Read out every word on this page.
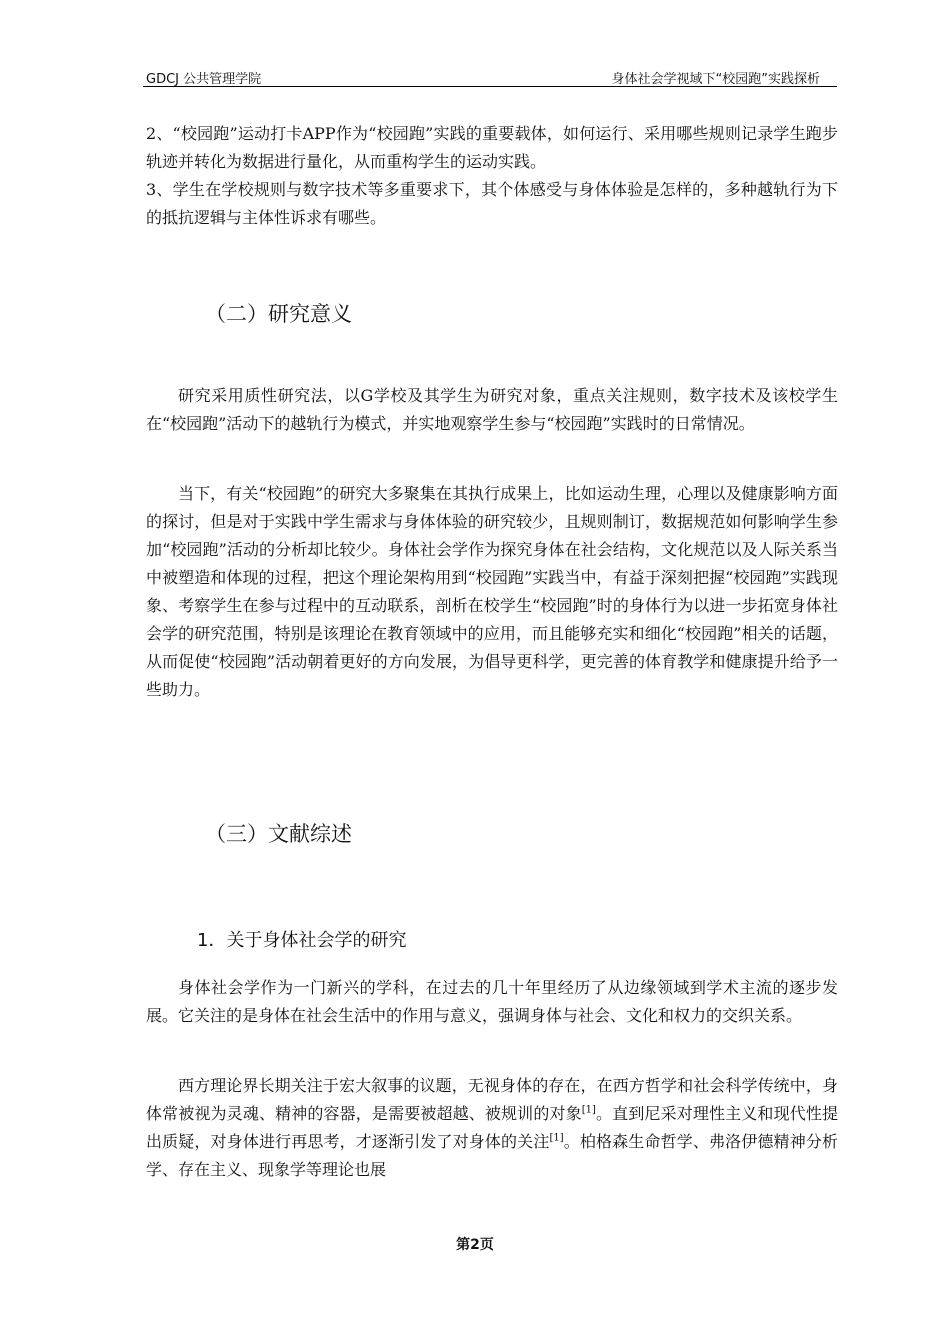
GDCJ 公共管理学院	身体社会学视域下“校园跑”实践探析

2、“校园跑”运动打卡APP作为“校园跑”实践的重要载体，如何运行、采用哪些规则记录学生跑步轨迹并转化为数据进行量化，从而重构学生的运动实践。

3、学生在学校规则与数字技术等多重要求下，其个体感受与身体体验是怎样的，多种越轨行为下的抵抗逻辑与主体性诉求有哪些。

（二）研究意义

研究采用质性研究法，以G学校及其学生为研究对象，重点关注规则，数字技术及该校学生在“校园跑”活动下的越轨行为模式，并实地观察学生参与“校园跑”实践时的日常情况。

当下，有关“校园跑”的研究大多聚集在其执行成果上，比如运动生理，心理以及健康影响方面的探讨，但是对于实践中学生需求与身体体验的研究较少，且规则制订，数据规范如何影响学生参加“校园跑”活动的分析却比较少。身体社会学作为探究身体在社会结构，文化规范以及人际关系当中被塑造和体现的过程，把这个理论架构用到“校园跑”实践当中，有益于深刻把握“校园跑”实践现象、考察学生在参与过程中的互动联系，剖析在校学生“校园跑”时的身体行为以进一步拓宽身体社会学的研究范围，特别是该理论在教育领域中的应用，而且能够充实和细化“校园跑”相关的话题，从而促使“校园跑”活动朝着更好的方向发展，为倡导更科学，更完善的体育教学和健康提升给予一些助力。

（三）文献综述
1．关于身体社会学的研究

身体社会学作为一门新兴的学科，在过去的几十年里经历了从边缘领域到学术主流的逐步发展。它关注的是身体在社会生活中的作用与意义，强调身体与社会、文化和权力的交织关系。

西方理论界长期关注于宏大叙事的议题，无视身体的存在，在西方哲学和社会科学传统中，身体常被视为灵魂、精神的容器，是需要被超越、被规训的对象[1]。直到尼采对理性主义和现代性提出质疑，对身体进行再思考，才逐渐引发了对身体的关注[1]。柏格森生命哲学、弗洛伊德精神分析学、存在主义、现象学等理论也展

第2页
